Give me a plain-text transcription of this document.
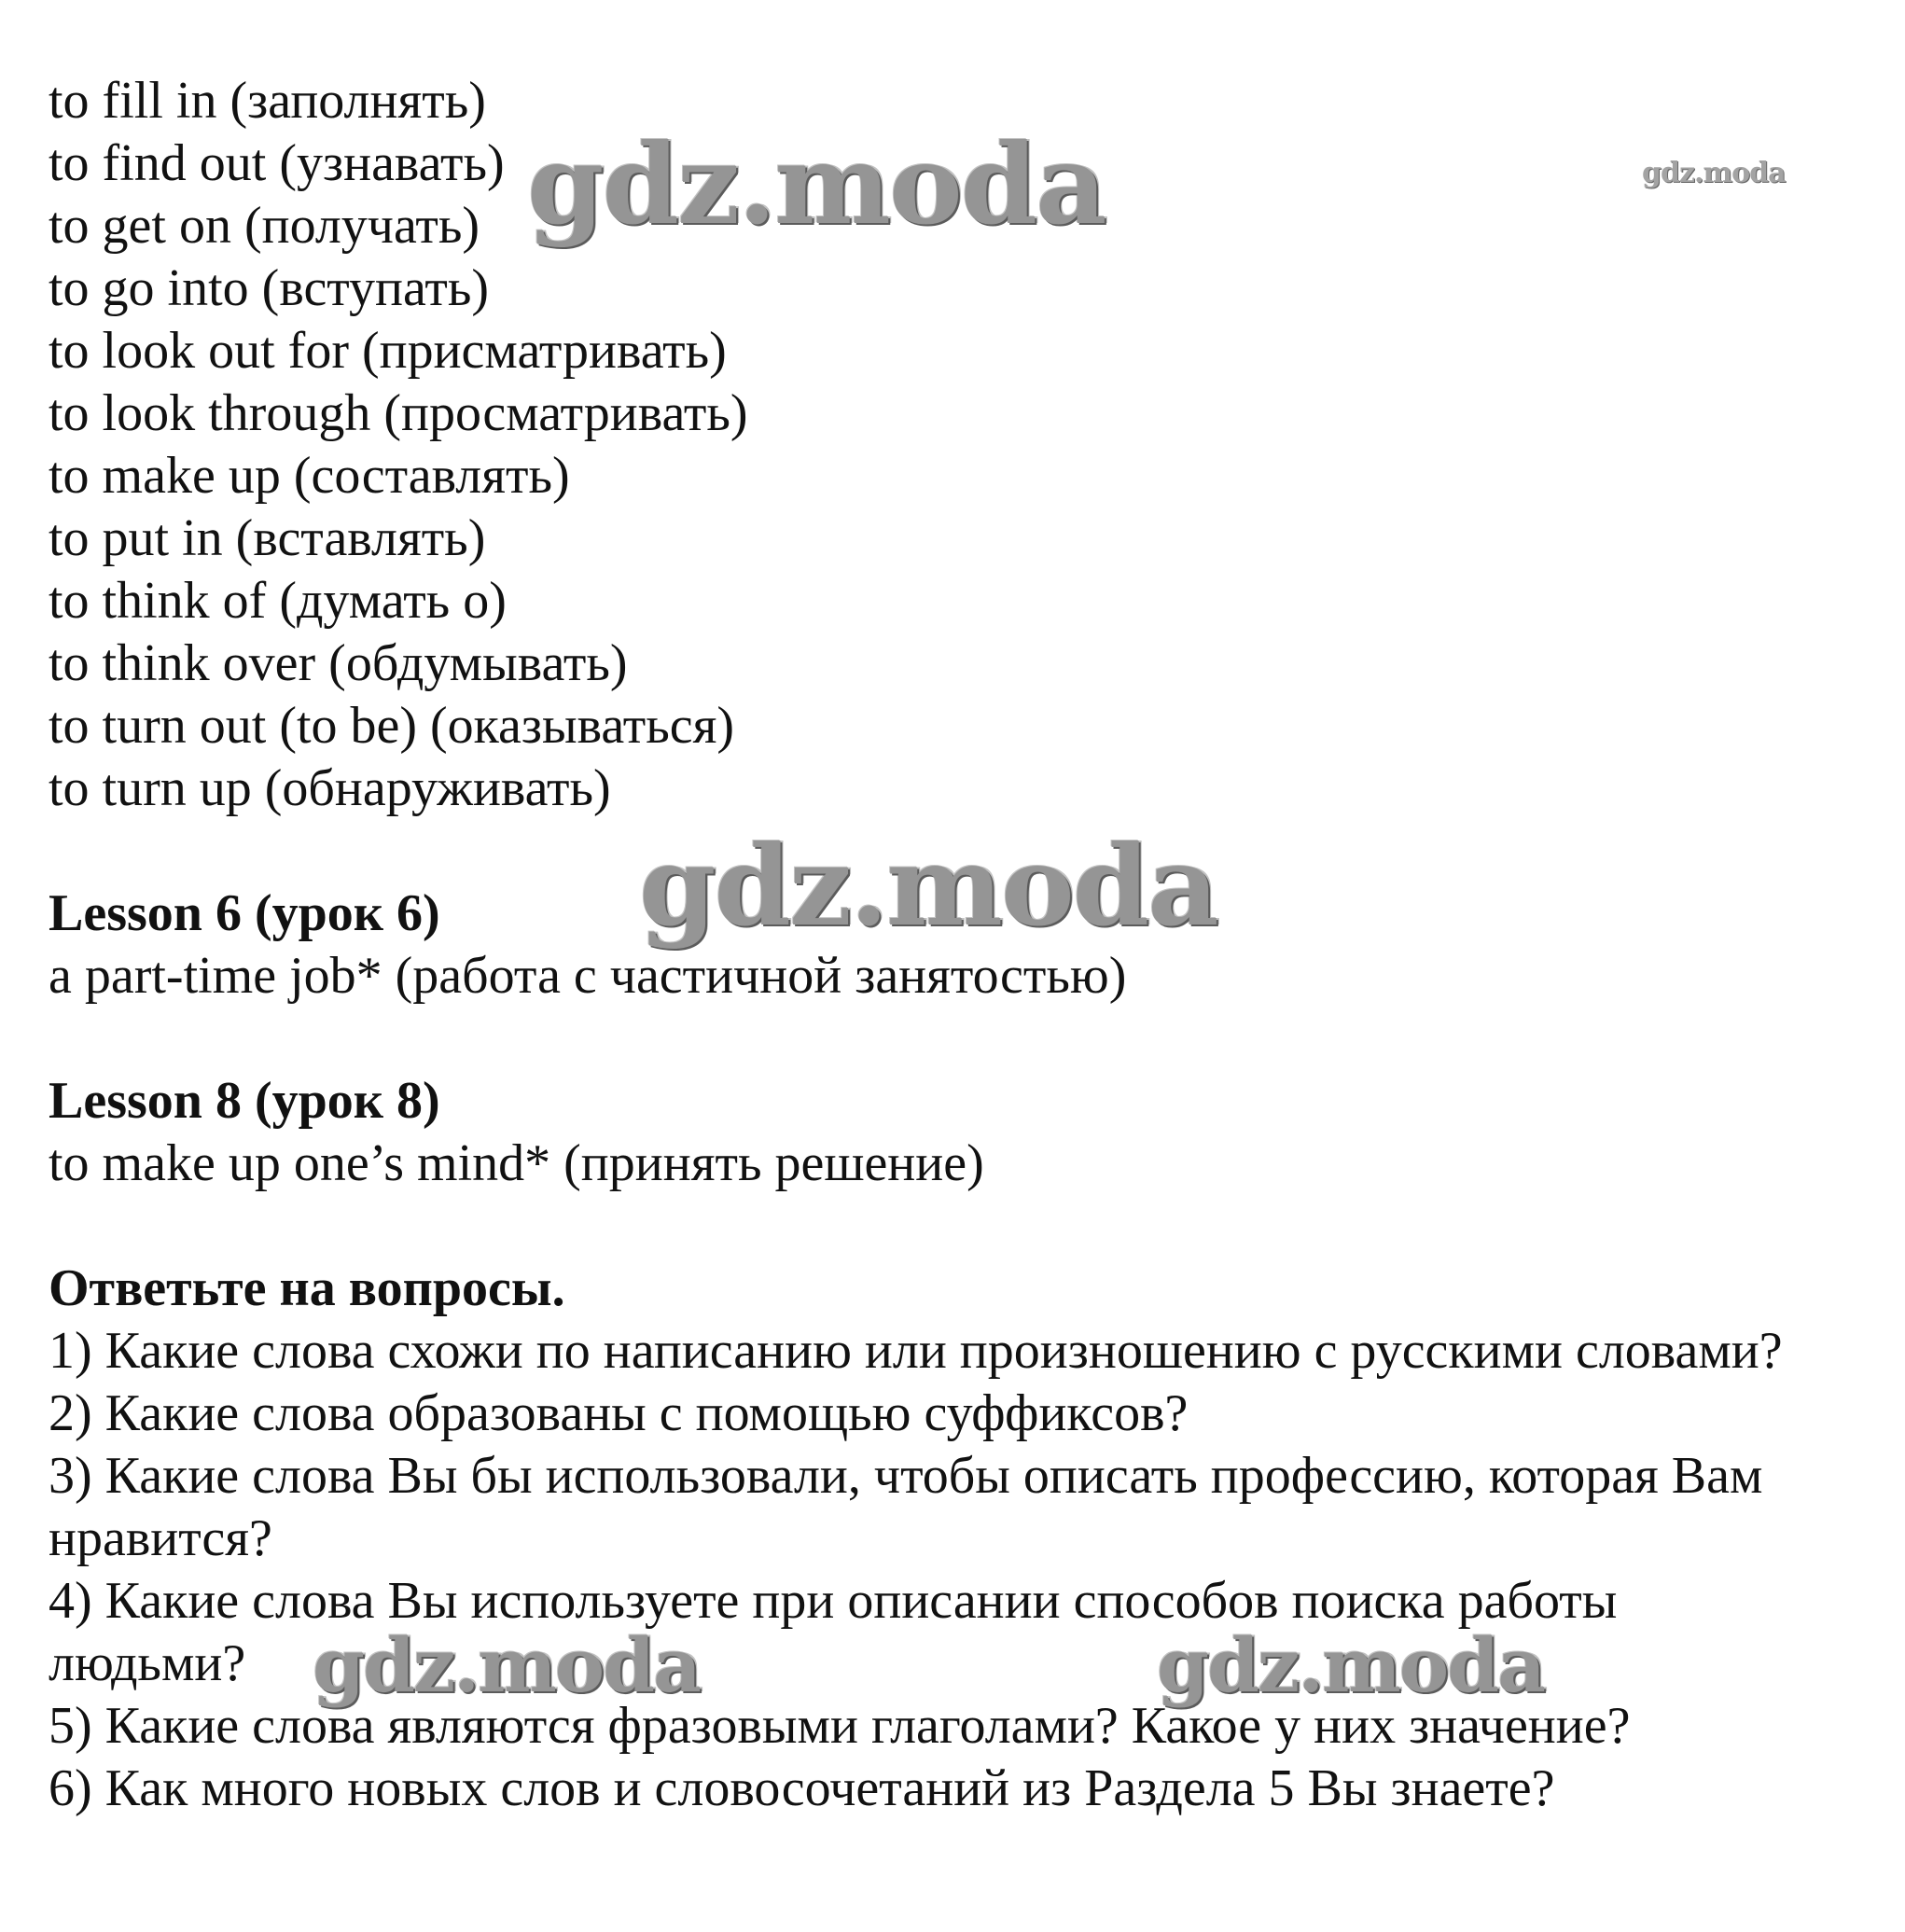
to fill in (заполнять)
to find out (узнавать)
to get on (получать)
to go into (вступать)
to look out for (присматривать)
to look through (просматривать)
to make up (составлять)
to put in (вставлять)
to think of (думать о)
to think over (обдумывать)
to turn out (to be) (оказываться)
to turn up (обнаруживать)
Lesson 6 (урок 6)
a part-time job* (работа с частичной занятостью)
Lesson 8 (урок 8)
to make up one’s mind* (принять решение)
Ответьте на вопросы.
1) Какие слова схожи по написанию или произношению с русскими словами?
2) Какие слова образованы с помощью суффиксов?
3) Какие слова Вы бы использовали, чтобы описать профессию, которая Вам
нравится?
4) Какие слова Вы используете при описании способов поиска работы
людьми?
5) Какие слова являются фразовыми глаголами? Какое у них значение?
6) Как много новых слов и словосочетаний из Раздела 5 Вы знаете?
gdz.moda	gdz.moda
gdz.moda
gdz.moda	gdz.moda
